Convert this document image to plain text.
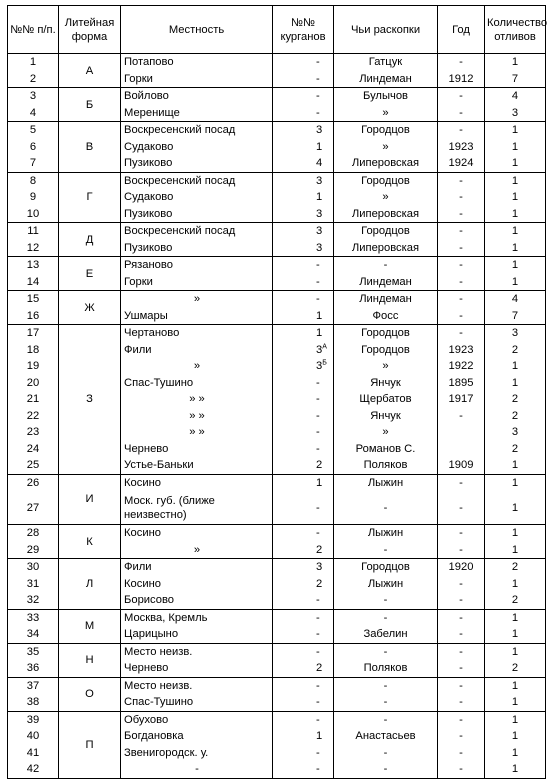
№№ п/п.	Литейная форма	Местность	№№ курганов	Чьи раскопки	Год	Количество отливов
1	А	Потапово	-	Гатцук	-	1
2		Горки	-	Линдеман	1912	7
3	Б	Войлово	-	Булычов	-	4
4		Меренище	-	»	-	3
5	В	Воскресенский посад	3	Городцов	-	1
6		Судаково	1	»	1923	1
7		Пузиково	4	Липеровская	1924	1
8	Г	Воскресенский посад	3	Городцов	-	1
9		Судаково	1	»	-	1
10		Пузиково	3	Липеровская	-	1
11	Д	Воскресенский посад	3	Городцов	-	1
12		Пузиково	3	Липеровская	-	1
13	Е	Рязаново	-	-	-	1
14		Горки	-	Линдеман	-	1
15	Ж	»	-	Линдеман	-	4
16		Ушмары	1	Фосс	-	7
17	З	Чертаново	1	Городцов	-	3
18		Фили	$3^А$	Городцов	1923	2
19		»	$3^Б$	»	1922	1
20		Спас-Тушино	-	Янчук	1895	1
21		» »	-	Щербатов	1917	2
22		» »	-	Янчук	-	2
23		» »	-	»		3
24		Чернево	-	Романов С.		2
25		Устье-Баньки	2	Поляков	1909	1
26	И	Косино	1	Лыжин	-	1
27		Моск. губ. (ближе неизвестно)	-	-	-	1
28	К	Косино	-	Лыжин	-	1
29		»	2	-	-	1
30	Л	Фили	3	Городцов	1920	2
31		Косино	2	Лыжин	-	1
32		Борисово	-	-	-	2
33	М	Москва, Кремль	-	-	-	1
34		Царицыно	-	Забелин	-	1
35	Н	Место неизв.	-	-	-	1
36		Чернево	2	Поляков	-	2
37	О	Место неизв.	-	-	-	1
38		Спас-Тушино	-	-	-	1
39	П	Обухово	-	-	-	1
40		Богдановка	1	Анастасьев	-	1
41		Звенигородск. у.	-	-	-	1
42		-	-	-	-	1
